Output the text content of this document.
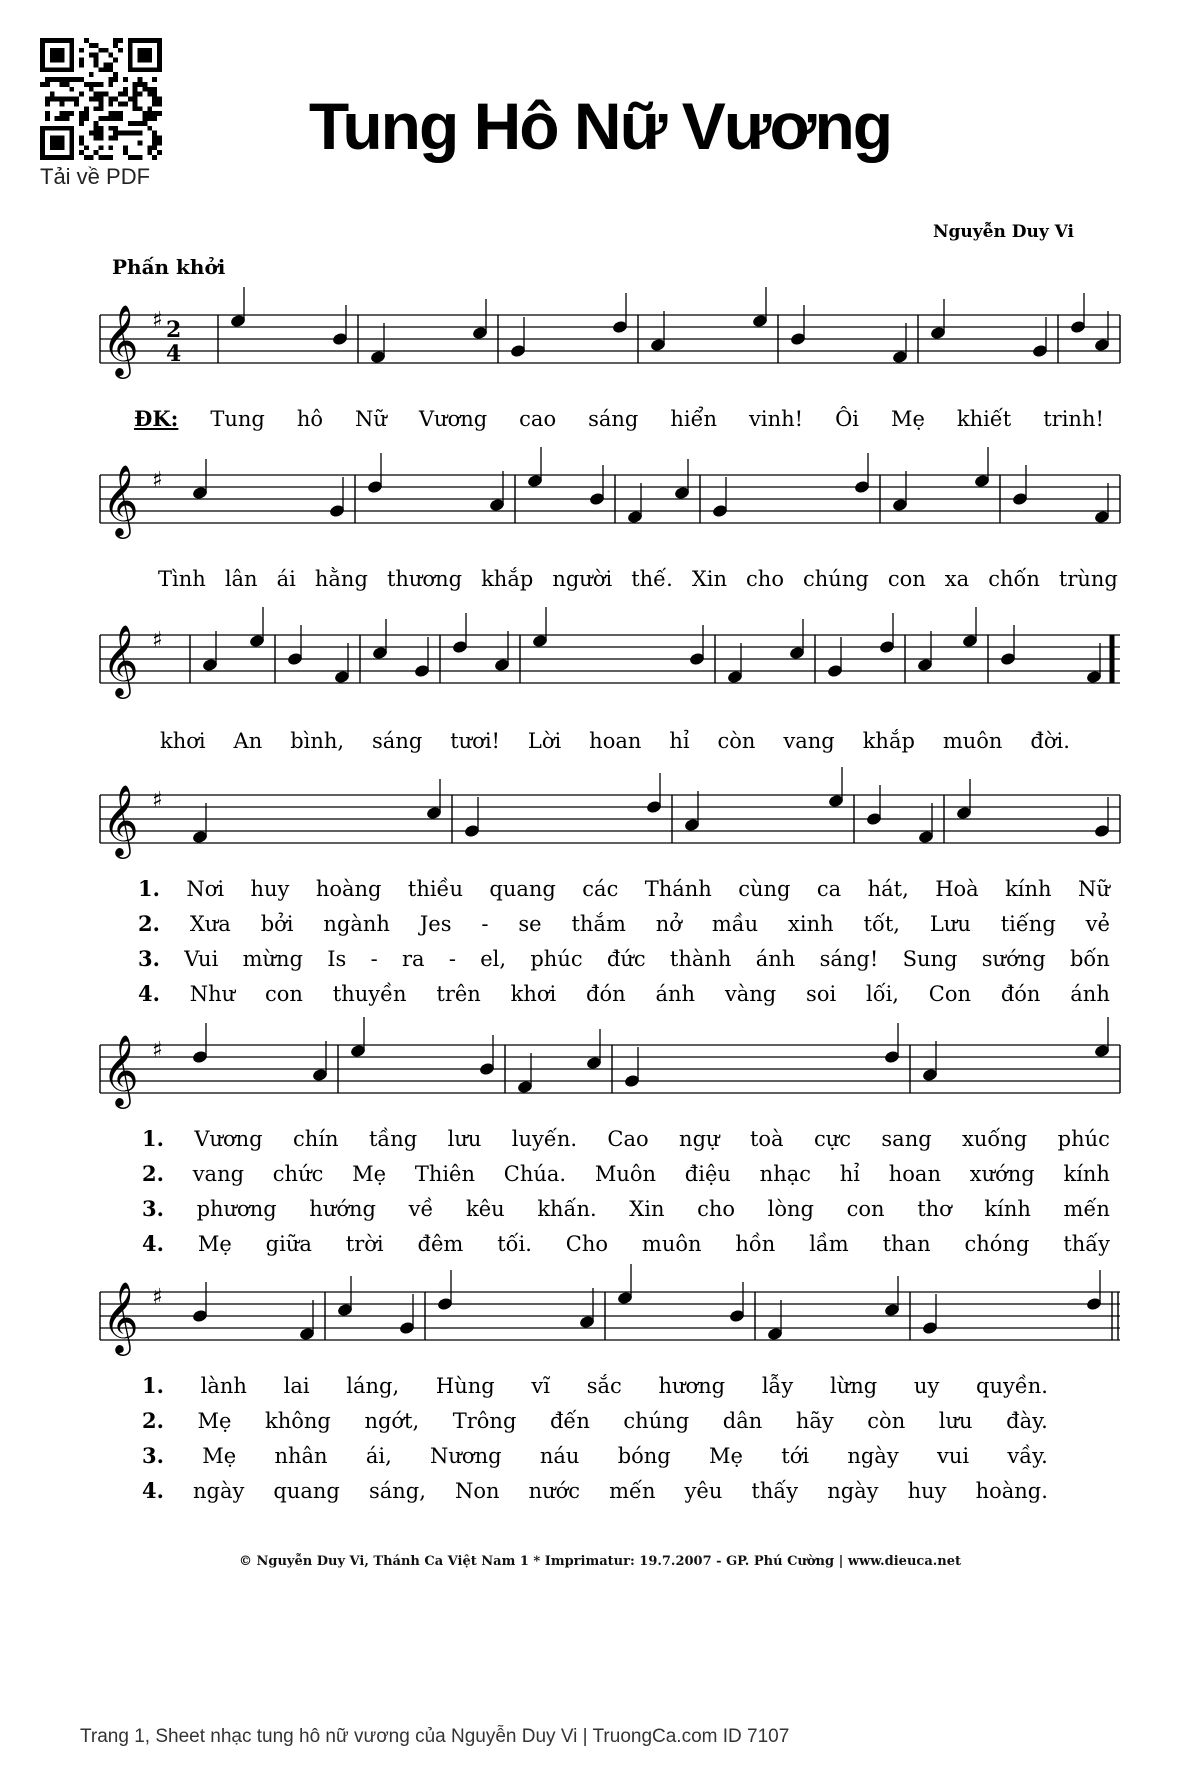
Tải về PDF
Tung Hô Nữ Vương
Nguyễn Duy Vi
Phấn khởi
𝄞 ♯ 2
4
ĐK: Tung hô Nữ Vương cao sáng hiển vinh! Ôi Mẹ khiết trinh!
𝄞 ♯
Tình lân ái hằng thương khắp người thế. Xin cho chúng con xa chốn trùng
𝄞 ♯
khơi An bình, sáng tươi! Lời hoan hỉ còn vang khắp muôn đời.
𝄞 ♯
1. Nơi huy hoàng thiều quang các Thánh cùng ca hát, Hoà kính Nữ
2. Xưa bởi ngành Jes - se thắm nở mầu xinh tốt, Lưu tiếng vẻ
3. Vui mừng Is - ra - el, phúc đức thành ánh sáng! Sung sướng bốn
4. Như con thuyền trên khơi đón ánh vàng soi lối, Con đón ánh
𝄞 ♯
1. Vương chín tầng lưu luyến. Cao ngự toà cực sang xuống phúc
2. vang chức Mẹ Thiên Chúa. Muôn điệu nhạc hỉ hoan xướng kính
3. phương hướng về kêu khấn. Xin cho lòng con thơ kính mến
4. Mẹ giữa trời đêm tối. Cho muôn hồn lầm than chóng thấy
𝄞 ♯
1. lành lai láng, Hùng vĩ sắc hương lẫy lừng uy quyền.
2. Mẹ không ngớt, Trông đến chúng dân hãy còn lưu đày.
3. Mẹ nhân ái, Nương náu bóng Mẹ tới ngày vui vầy.
4. ngày quang sáng, Non nước mến yêu thấy ngày huy hoàng.
© Nguyễn Duy Vi, Thánh Ca Việt Nam 1 * Imprimatur: 19.7.2007 - GP. Phú Cường | www.dieuca.net
Trang 1, Sheet nhạc tung hô nữ vương của Nguyễn Duy Vi | TruongCa.com ID 7107
